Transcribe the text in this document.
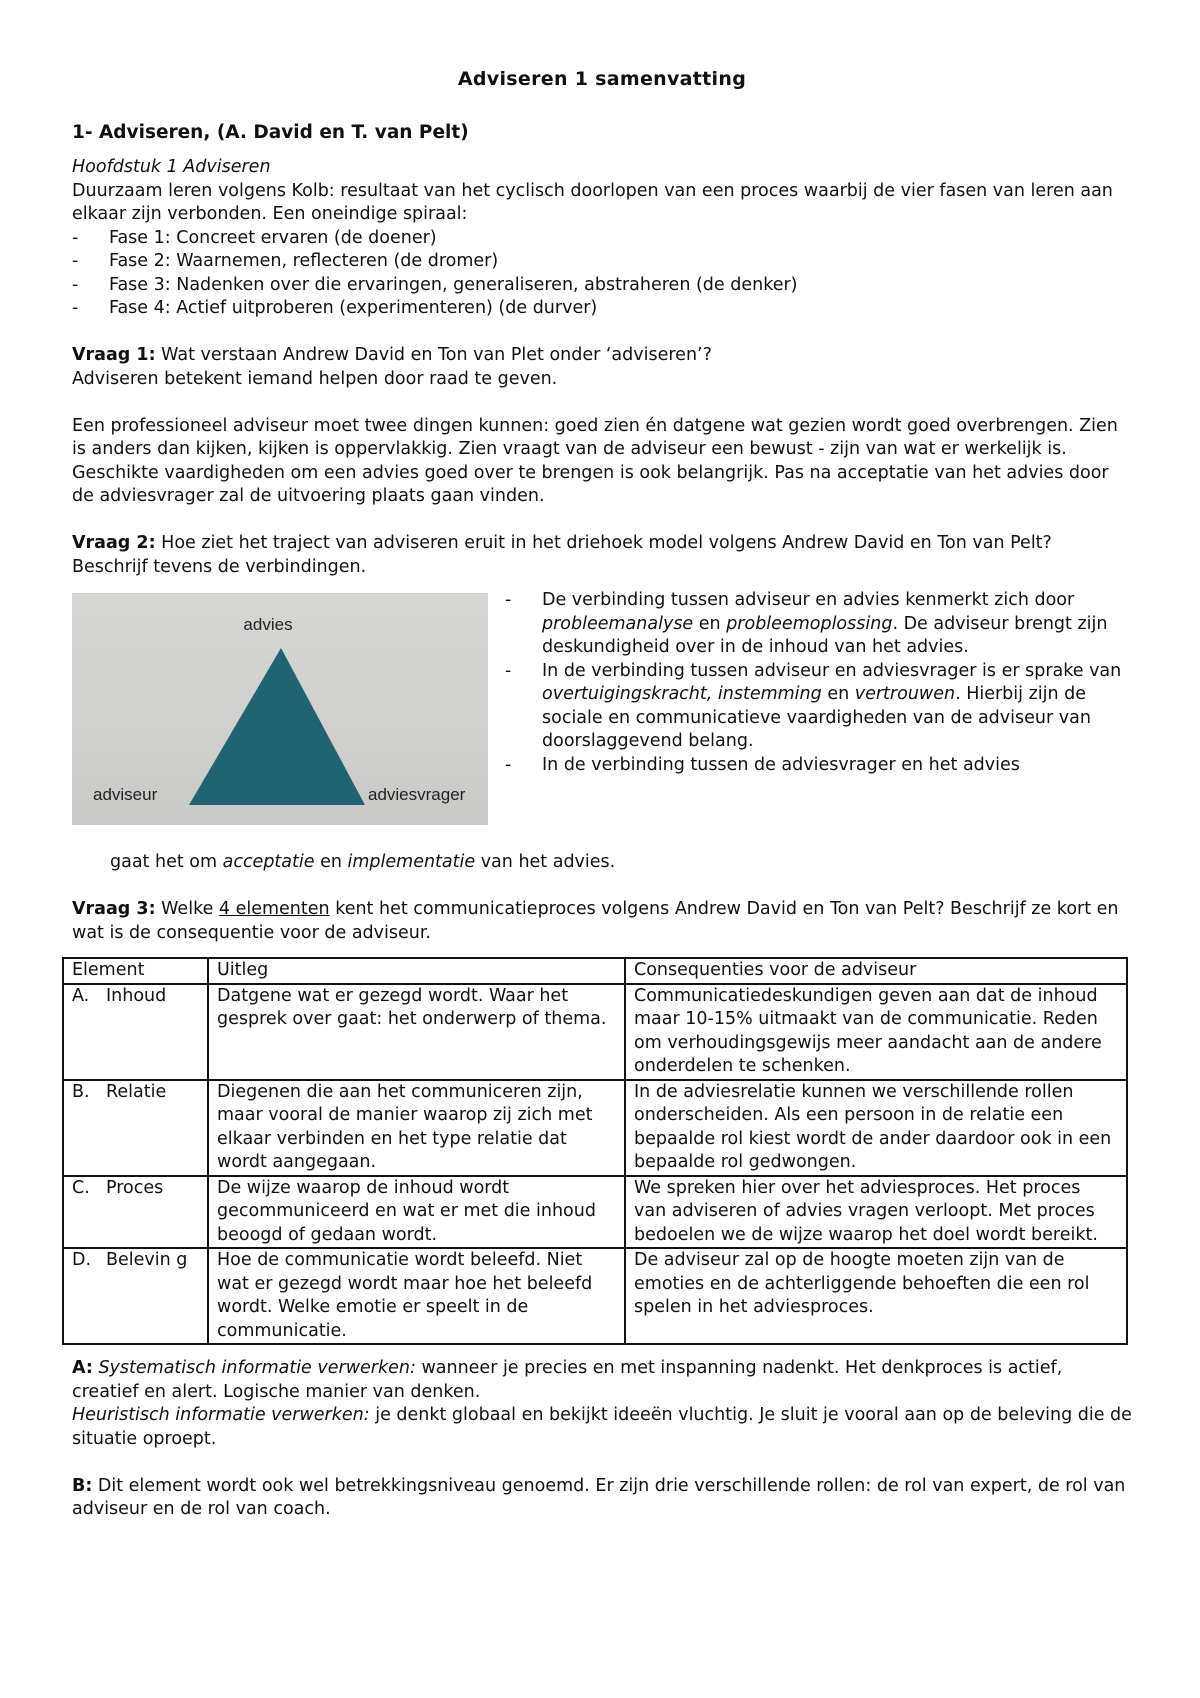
Adviseren 1 samenvatting
1- Adviseren, (A. David en T. van Pelt)

Hoofdstuk 1 Adviseren

Duurzaam leren volgens Kolb: resultaat van het cyclisch doorlopen van een proces waarbij de vier fasen van leren aan elkaar zijn verbonden. Een oneindige spiraal:

- Fase 1: Concreet ervaren (de doener)
- Fase 2: Waarnemen, reflecteren (de dromer)
- Fase 3: Nadenken over die ervaringen, generaliseren, abstraheren (de denker)
- Fase 4: Actief uitproberen (experimenteren) (de durver)

Vraag 1: Wat verstaan Andrew David en Ton van Plet onder ‘adviseren’?

Adviseren betekent iemand helpen door raad te geven.

Een professioneel adviseur moet twee dingen kunnen: goed zien én datgene wat gezien wordt goed overbrengen. Zien is anders dan kijken, kijken is oppervlakkig. Zien vraagt van de adviseur een bewust - zijn van wat er werkelijk is. Geschikte vaardigheden om een advies goed over te brengen is ook belangrijk. Pas na acceptatie van het advies door de adviesvrager zal de uitvoering plaats gaan vinden.

Vraag 2: Hoe ziet het traject van adviseren eruit in het driehoek model volgens Andrew David en Ton van Pelt? Beschrijf tevens de verbindingen.

advies
adviseur	adviesvrager
- De verbinding tussen adviseur en advies kenmerkt zich door probleemanalyse en probleemoplossing. De adviseur brengt zijn deskundigheid over in de inhoud van het advies.
- In de verbinding tussen adviseur en adviesvrager is er sprake van overtuigingskracht, instemming en vertrouwen. Hierbij zijn de sociale en communicatieve vaardigheden van de adviseur van doorslaggevend belang.
- In de verbinding tussen de adviesvrager en het advies

gaat het om acceptatie en implementatie van het advies.

Vraag 3: Welke 4 elementen kent het communicatieproces volgens Andrew David en Ton van Pelt? Beschrijf ze kort en wat is de consequentie voor de adviseur.

Element	Uitleg	Consequenties voor de adviseur

A. Inhoud	Datgene wat er gezegd wordt. Waar het gesprek over gaat: het onderwerp of thema.	Communicatiedeskundigen geven aan dat de inhoud maar 10-15% uitmaakt van de communicatie. Reden om verhoudingsgewijs meer aandacht aan de andere onderdelen te schenken.

B. Relatie	Diegenen die aan het communiceren zijn, maar vooral de manier waarop zij zich met elkaar verbinden en het type relatie dat wordt aangegaan.	In de adviesrelatie kunnen we verschillende rollen onderscheiden. Als een persoon in de relatie een bepaalde rol kiest wordt de ander daardoor ook in een bepaalde rol gedwongen.

C. Proces	De wijze waarop de inhoud wordt gecommuniceerd en wat er met die inhoud beoogd of gedaan wordt.	We spreken hier over het adviesproces. Het proces van adviseren of advies vragen verloopt. Met proces bedoelen we de wijze waarop het doel wordt bereikt.

D. Belevin g	Hoe de communicatie wordt beleefd. Niet wat er gezegd wordt maar hoe het beleefd wordt. Welke emotie er speelt in de communicatie.	De adviseur zal op de hoogte moeten zijn van de emoties en de achterliggende behoeften die een rol spelen in het adviesproces.

A: Systematisch informatie verwerken: wanneer je precies en met inspanning nadenkt. Het denkproces is actief, creatief en alert. Logische manier van denken.

Heuristisch informatie verwerken: je denkt globaal en bekijkt ideeën vluchtig. Je sluit je vooral aan op de beleving die de situatie oproept.

B: Dit element wordt ook wel betrekkingsniveau genoemd. Er zijn drie verschillende rollen: de rol van expert, de rol van adviseur en de rol van coach.
